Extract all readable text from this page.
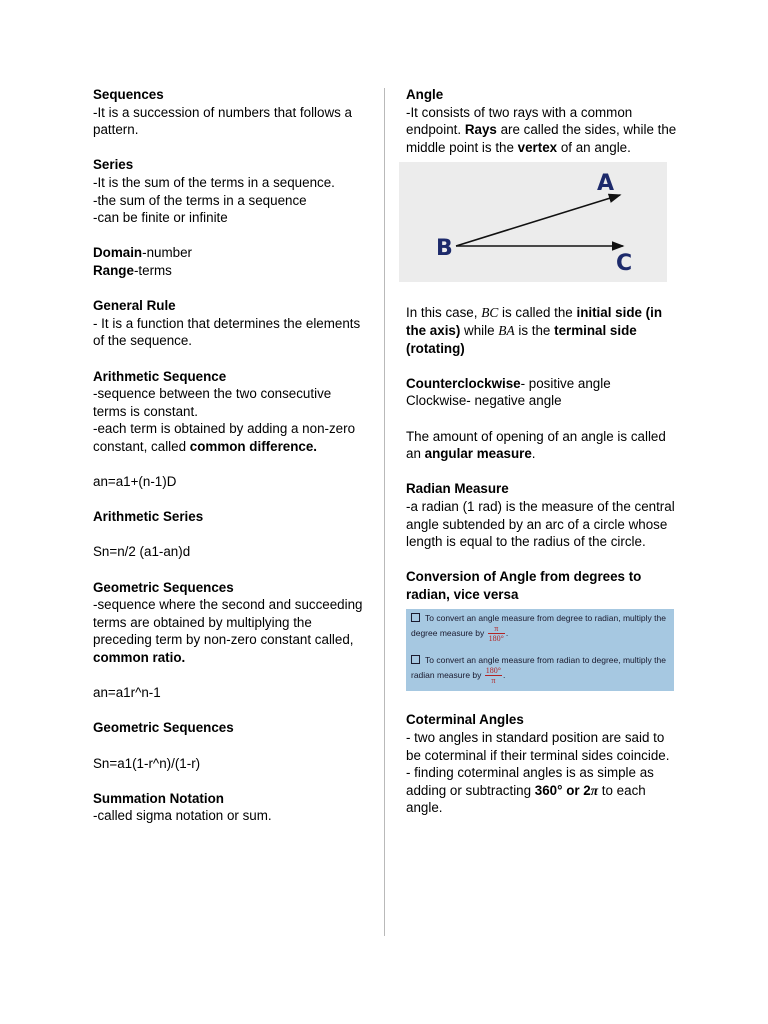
Sequences

-It is a succession of numbers that follows a pattern.

Series

-It is the sum of the terms in a sequence.

-the sum of the terms in a sequence

-can be finite or infinite

Domain-number

Range-terms

General Rule

- It is a function that determines the elements of the sequence.

Arithmetic Sequence

-sequence between the two consecutive terms is constant.

-each term is obtained by adding a non-zero constant, called common difference.

an=a1+(n-1)D

Arithmetic Series

Sn=n/2 (a1-an)d

Geometric Sequences

-sequence where the second and succeeding terms are obtained by multiplying the preceding term by non-zero constant called,

common ratio.

an=a1r^n-1

Geometric Sequences

Sn=a1(1-r^n)/(1-r)

Summation Notation

-called sigma notation or sum.

Angle

-It consists of two rays with a common endpoint. Rays are called the sides, while the middle point is the vertex of an angle.

A
B
C

In this case, BC is called the initial side (in the axis) while BA is the terminal side (rotating)

Counterclockwise- positive angle

Clockwise- negative angle

The amount of opening of an angle is called an angular measure.

Radian Measure

-a radian (1 rad) is the measure of the central angle subtended by an arc of a circle whose length is equal to the radius of the circle.

Conversion of Angle from degrees to radian, vice versa

To convert an angle measure from degree to radian, multiply the degree measure by $\frac{\pi}{180^\circ}$ .
To convert an angle measure from radian to degree, multiply the radian measure by $\frac{180^\circ}{\pi}$ .

Coterminal Angles

- two angles in standard position are said to be coterminal if their terminal sides coincide.

- finding coterminal angles is as simple as adding or subtracting 360° or 2π to each angle.
